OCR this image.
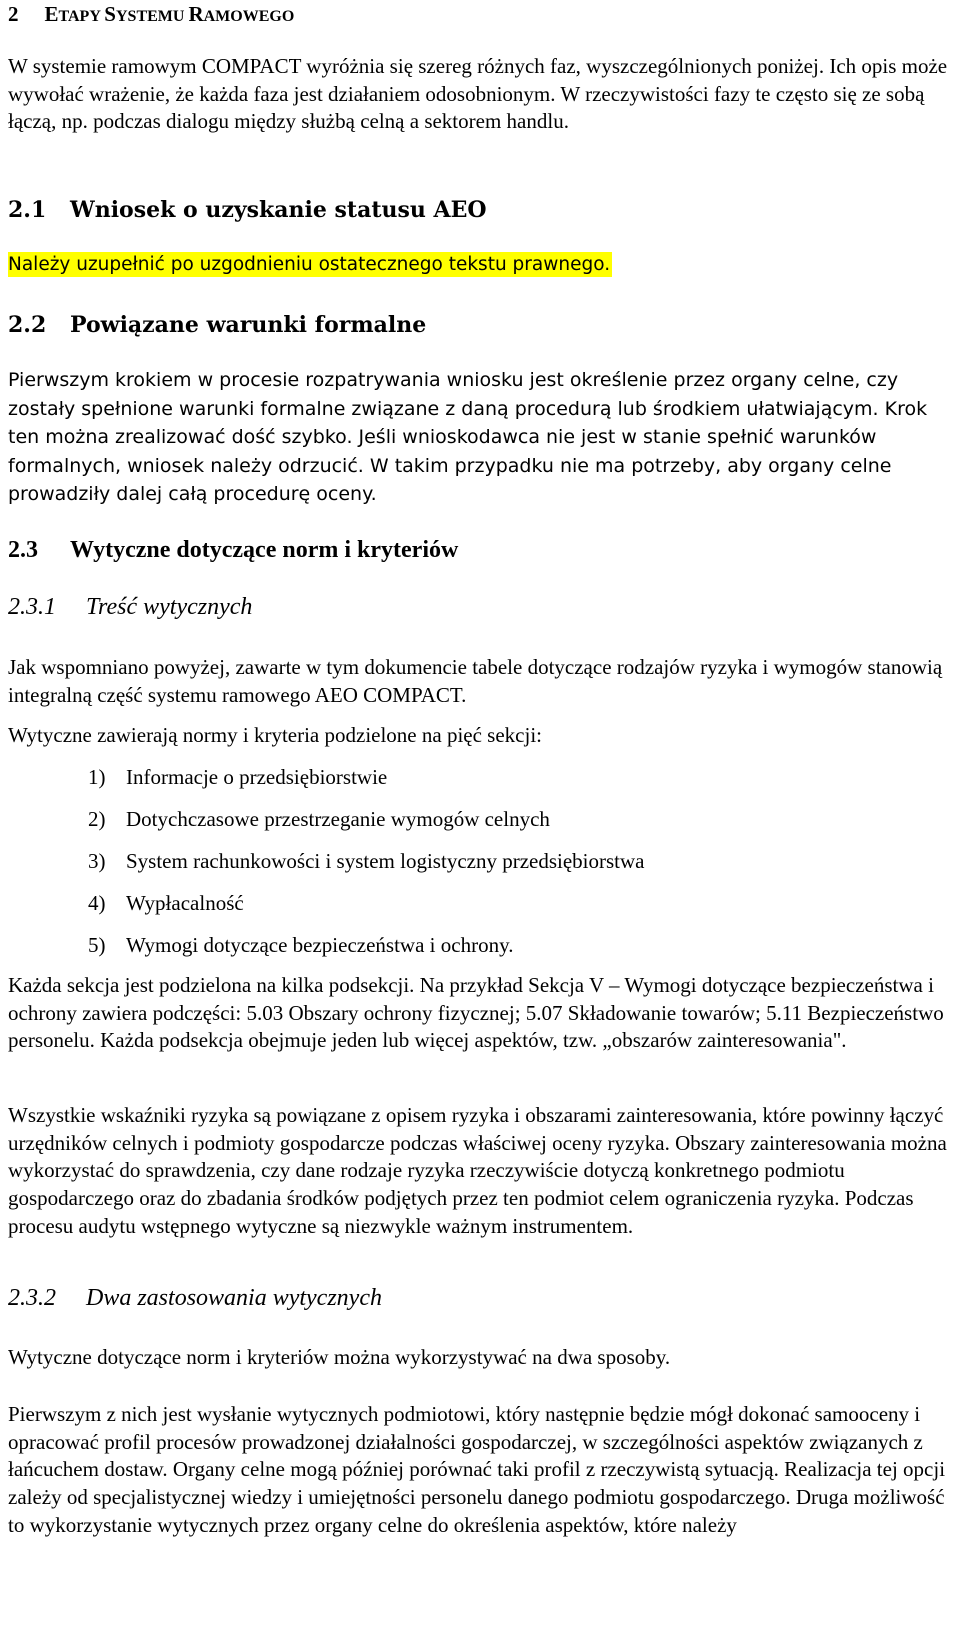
2 ETAPY SYSTEMU RAMOWEGO

W systemie ramowym COMPACT wyróżnia się szereg różnych faz, wyszczególnionych poniżej. Ich opis może wywołać wrażenie, że każda faza jest działaniem odosobnionym. W rzeczywistości fazy te często się ze sobą łączą, np. podczas dialogu między służbą celną a sektorem handlu.

2.1 Wniosek o uzyskanie statusu AEO
Należy uzupełnić po uzgodnieniu ostatecznego tekstu prawnego.
2.2 Powiązane warunki formalne

Pierwszym krokiem w procesie rozpatrywania wniosku jest określenie przez organy celne, czy zostały spełnione warunki formalne związane z daną procedurą lub środkiem ułatwiającym. Krok ten można zrealizować dość szybko. Jeśli wnioskodawca nie jest w stanie spełnić warunków formalnych, wniosek należy odrzucić. W takim przypadku nie ma potrzeby, aby organy celne prowadziły dalej całą procedurę oceny.

2.3 Wytyczne dotyczące norm i kryteriów
2.3.1 Treść wytycznych

Jak wspomniano powyżej, zawarte w tym dokumencie tabele dotyczące rodzajów ryzyka i wymogów stanowią integralną część systemu ramowego AEO COMPACT.

Wytyczne zawierają normy i kryteria podzielone na pięć sekcji:

1) Informacje o przedsiębiorstwie
2) Dotychczasowe przestrzeganie wymogów celnych
3) System rachunkowości i system logistyczny przedsiębiorstwa
4) Wypłacalność
5) Wymogi dotyczące bezpieczeństwa i ochrony.

Każda sekcja jest podzielona na kilka podsekcji. Na przykład Sekcja V – Wymogi dotyczące bezpieczeństwa i ochrony zawiera podczęści: 5.03 Obszary ochrony fizycznej; 5.07 Składowanie towarów; 5.11 Bezpieczeństwo personelu. Każda podsekcja obejmuje jeden lub więcej aspektów, tzw. „obszarów zainteresowania".

Wszystkie wskaźniki ryzyka są powiązane z opisem ryzyka i obszarami zainteresowania, które powinny łączyć urzędników celnych i podmioty gospodarcze podczas właściwej oceny ryzyka. Obszary zainteresowania można wykorzystać do sprawdzenia, czy dane rodzaje ryzyka rzeczywiście dotyczą konkretnego podmiotu gospodarczego oraz do zbadania środków podjętych przez ten podmiot celem ograniczenia ryzyka. Podczas procesu audytu wstępnego wytyczne są niezwykle ważnym instrumentem.

2.3.2 Dwa zastosowania wytycznych

Wytyczne dotyczące norm i kryteriów można wykorzystywać na dwa sposoby.

Pierwszym z nich jest wysłanie wytycznych podmiotowi, który następnie będzie mógł dokonać samooceny i opracować profil procesów prowadzonej działalności gospodarczej, w szczególności aspektów związanych z łańcuchem dostaw. Organy celne mogą później porównać taki profil z rzeczywistą sytuacją. Realizacja tej opcji zależy od specjalistycznej wiedzy i umiejętności personelu danego podmiotu gospodarczego. Druga możliwość to wykorzystanie wytycznych przez organy celne do określenia aspektów, które należy
